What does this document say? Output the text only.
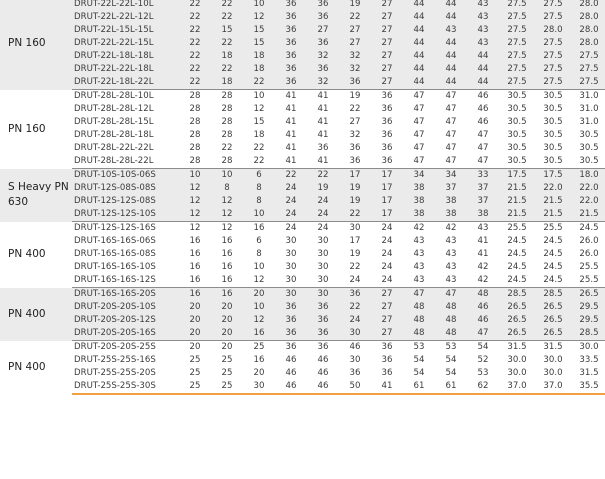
PN 160	DRUT-22L-22L-10L	22	22	10	36	36	19	27	44	44	43	27.5	27.5	28.0
	DRUT-22L-22L-12L	22	22	12	36	36	22	27	44	44	43	27.5	27.5	28.0
	DRUT-22L-15L-15L	22	15	15	36	27	27	27	44	43	43	27.5	28.0	28.0
	DRUT-22L-22L-15L	22	22	15	36	36	27	27	44	44	43	27.5	27.5	28.0
	DRUT-22L-18L-18L	22	18	18	36	32	32	27	44	44	44	27.5	27.5	27.5
	DRUT-22L-22L-18L	22	22	18	36	36	32	27	44	44	44	27.5	27.5	27.5
	DRUT-22L-18L-22L	22	18	22	36	32	36	27	44	44	44	27.5	27.5	27.5
PN 160	DRUT-28L-28L-10L	28	28	10	41	41	19	36	47	47	46	30.5	30.5	31.0
	DRUT-28L-28L-12L	28	28	12	41	41	22	36	47	47	46	30.5	30.5	31.0
	DRUT-28L-28L-15L	28	28	15	41	41	27	36	47	47	46	30.5	30.5	31.0
	DRUT-28L-28L-18L	28	28	18	41	41	32	36	47	47	47	30.5	30.5	30.5
	DRUT-28L-22L-22L	28	22	22	41	36	36	36	47	47	47	30.5	30.5	30.5
	DRUT-28L-28L-22L	28	28	22	41	41	36	36	47	47	47	30.5	30.5	30.5
S Heavy PN 630	DRUT-10S-10S-06S	10	10	6	22	22	17	17	34	34	33	17.5	17.5	18.0
	DRUT-12S-08S-08S	12	8	8	24	19	19	17	38	37	37	21.5	22.0	22.0
	DRUT-12S-12S-08S	12	12	8	24	24	19	17	38	38	37	21.5	21.5	22.0
	DRUT-12S-12S-10S	12	12	10	24	24	22	17	38	38	38	21.5	21.5	21.5
PN 400	DRUT-12S-12S-16S	12	12	16	24	24	30	24	42	42	43	25.5	25.5	24.5
	DRUT-16S-16S-06S	16	16	6	30	30	17	24	43	43	41	24.5	24.5	26.0
	DRUT-16S-16S-08S	16	16	8	30	30	19	24	43	43	41	24.5	24.5	26.0
	DRUT-16S-16S-10S	16	16	10	30	30	22	24	43	43	42	24.5	24.5	25.5
	DRUT-16S-16S-12S	16	16	12	30	30	24	24	43	43	42	24.5	24.5	25.5
PN 400	DRUT-16S-16S-20S	16	16	20	30	30	36	27	47	47	48	28.5	28.5	26.5
	DRUT-20S-20S-10S	20	20	10	36	36	22	27	48	48	46	26.5	26.5	29.5
	DRUT-20S-20S-12S	20	20	12	36	36	24	27	48	48	46	26.5	26.5	29.5
	DRUT-20S-20S-16S	20	20	16	36	36	30	27	48	48	47	26.5	26.5	28.5
PN 400	DRUT-20S-20S-25S	20	20	25	36	36	46	36	53	53	54	31.5	31.5	30.0
	DRUT-25S-25S-16S	25	25	16	46	46	30	36	54	54	52	30.0	30.0	33.5
	DRUT-25S-25S-20S	25	25	20	46	46	36	36	54	54	53	30.0	30.0	31.5
	DRUT-25S-25S-30S	25	25	30	46	46	50	41	61	61	62	37.0	37.0	35.5
